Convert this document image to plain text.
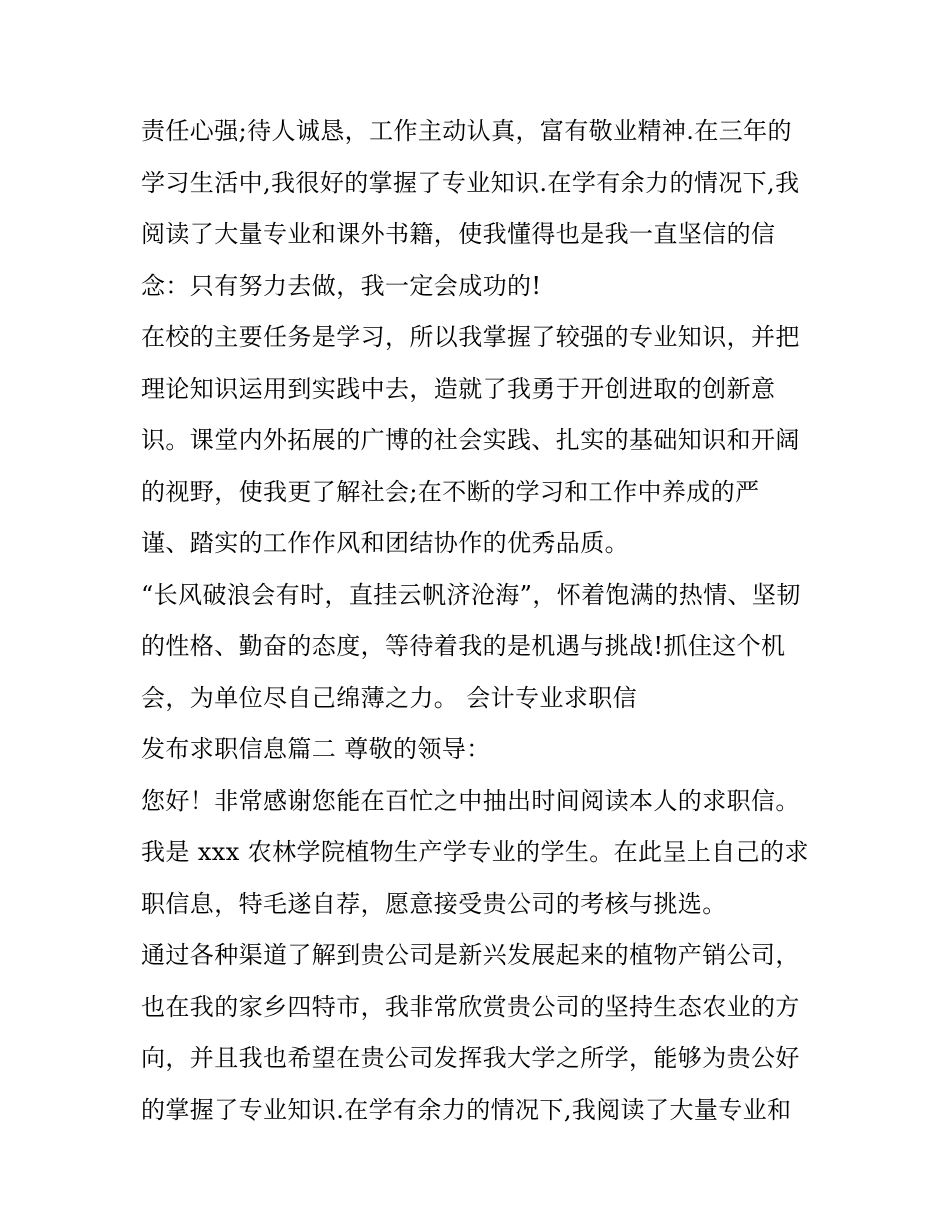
责任心强;待人诚恳，工作主动认真，富有敬业精神.在三年的
学习生活中,我很好的掌握了专业知识.在学有余力的情况下,我
阅读了大量专业和课外书籍，使我懂得也是我一直坚信的信
念：只有努力去做，我一定会成功的!
在校的主要任务是学习，所以我掌握了较强的专业知识，并把
理论知识运用到实践中去，造就了我勇于开创进取的创新意
识。课堂内外拓展的广博的社会实践、扎实的基础知识和开阔
的视野，使我更了解社会;在不断的学习和工作中养成的严
谨、踏实的工作作风和团结协作的优秀品质。
“长风破浪会有时，直挂云帆济沧海”，怀着饱满的热情、坚韧
的性格、勤奋的态度，等待着我的是机遇与挑战!抓住这个机
会，为单位尽自己绵薄之力。 会计专业求职信
发布求职信息篇二 尊敬的领导：
您好！非常感谢您能在百忙之中抽出时间阅读本人的求职信。
我是 xxx 农林学院植物生产学专业的学生。在此呈上自己的求
职信息，特毛遂自荐，愿意接受贵公司的考核与挑选。
通过各种渠道了解到贵公司是新兴发展起来的植物产销公司，
也在我的家乡四特市，我非常欣赏贵公司的坚持生态农业的方
向，并且我也希望在贵公司发挥我大学之所学，能够为贵公好
的掌握了专业知识.在学有余力的情况下,我阅读了大量专业和
